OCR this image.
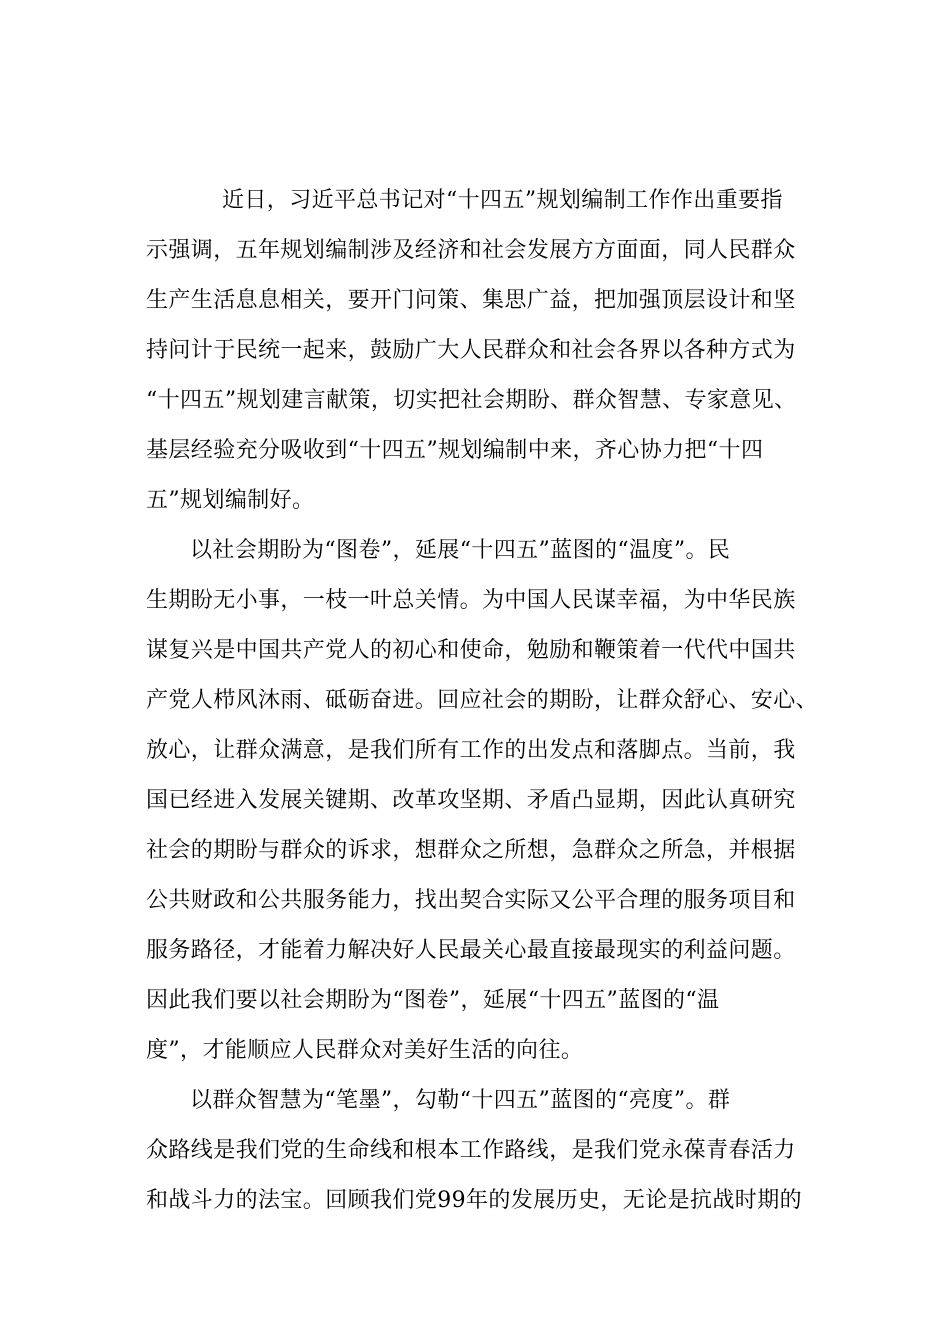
近日，习近平总书记对“十四五”规划编制工作作出重要指
示强调，五年规划编制涉及经济和社会发展方方面面，同人民群众
生产生活息息相关，要开门问策、集思广益，把加强顶层设计和坚
持问计于民统一起来，鼓励广大人民群众和社会各界以各种方式为
“十四五”规划建言献策，切实把社会期盼、群众智慧、专家意见、
基层经验充分吸收到“十四五”规划编制中来，齐心协力把“十四
五”规划编制好。
以社会期盼为“图卷”，延展“十四五”蓝图的“温度”。民
生期盼无小事，一枝一叶总关情。为中国人民谋幸福，为中华民族
谋复兴是中国共产党人的初心和使命，勉励和鞭策着一代代中国共
产党人栉风沐雨、砥砺奋进。回应社会的期盼，让群众舒心、安心、
放心，让群众满意，是我们所有工作的出发点和落脚点。当前，我
国已经进入发展关键期、改革攻坚期、矛盾凸显期，因此认真研究
社会的期盼与群众的诉求，想群众之所想，急群众之所急，并根据
公共财政和公共服务能力，找出契合实际又公平合理的服务项目和
服务路径，才能着力解决好人民最关心最直接最现实的利益问题。
因此我们要以社会期盼为“图卷”，延展“十四五”蓝图的“温
度”，才能顺应人民群众对美好生活的向往。
以群众智慧为“笔墨”，勾勒“十四五”蓝图的“亮度”。群
众路线是我们党的生命线和根本工作路线，是我们党永葆青春活力
和战斗力的法宝。回顾我们党99年的发展历史，无论是抗战时期的
